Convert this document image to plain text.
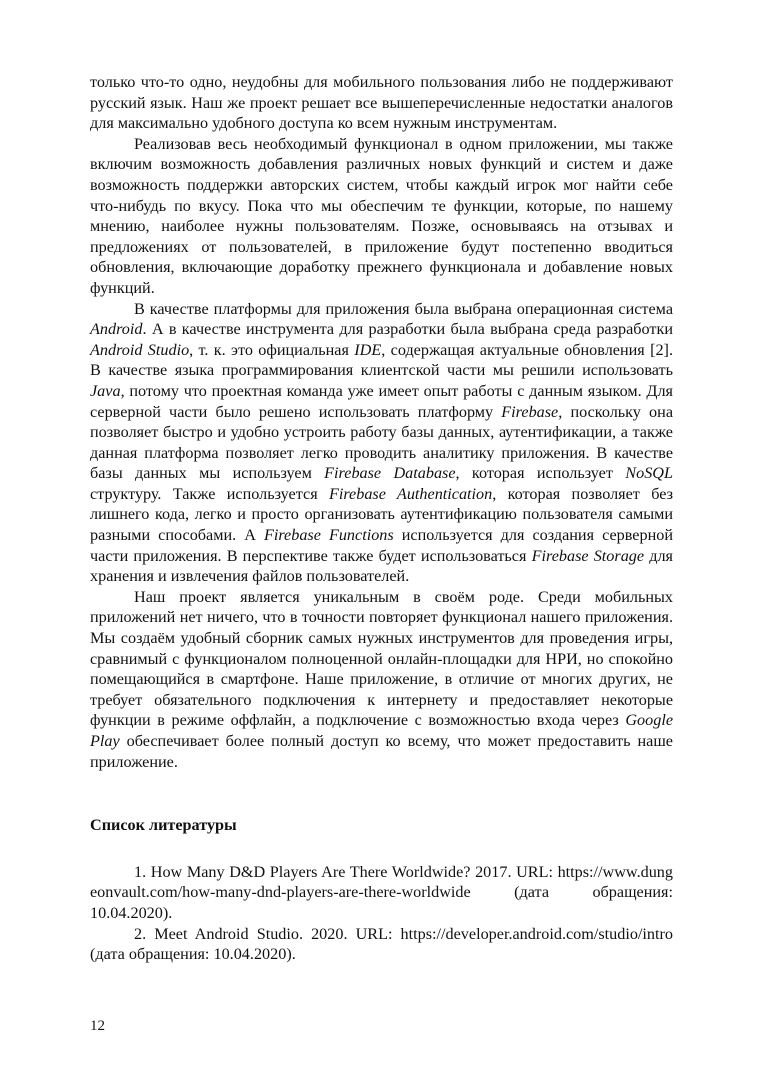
только что-то одно, неудобны для мобильного пользования либо не поддерживают русский язык. Наш же проект решает все вышеперечисленные недостатки аналогов для максимально удобного доступа ко всем нужным инструментам.

Реализовав весь необходимый функционал в одном приложении, мы также включим возможность добавления различных новых функций и систем и даже возможность поддержки авторских систем, чтобы каждый игрок мог найти себе что-нибудь по вкусу. Пока что мы обеспечим те функции, которые, по нашему мнению, наиболее нужны пользователям. Позже, основываясь на отзывах и предложениях от пользователей, в приложение будут постепенно вводиться обновления, включающие доработку прежнего функционала и добавление новых функций.

В качестве платформы для приложения была выбрана операционная система Android. А в качестве инструмента для разработки была выбрана среда разработки Android Studio, т. к. это официальная IDE, содержащая актуальные обновления [2]. В качестве языка программирования клиентской части мы решили использовать Java, потому что проектная команда уже имеет опыт работы с данным языком. Для серверной части было решено использовать платформу Firebase, поскольку она позволяет быстро и удобно устроить работу базы данных, аутентификации, а также данная платформа позволяет легко проводить аналитику приложения. В качестве базы данных мы используем Firebase Database, которая использует NoSQL структуру. Также используется Firebase Authentication, которая позволяет без лишнего кода, легко и просто организовать аутентификацию пользователя самыми разными способами. А Firebase Functions используется для создания серверной части приложения. В перспективе также будет использоваться Firebase Storage для хранения и извлечения файлов пользователей.

Наш проект является уникальным в своём роде. Среди мобильных приложений нет ничего, что в точности повторяет функционал нашего приложения. Мы создаём удобный сборник самых нужных инструментов для проведения игры, сравнимый с функционалом полноценной онлайн-площадки для НРИ, но спокойно помещающийся в смартфоне. Наше приложение, в отличие от многих других, не требует обязательного подключения к интернету и предоставляет некоторые функции в режиме оффлайн, а подключение с возможностью входа через Google Play обеспечивает более полный доступ ко всему, что может предоставить наше приложение.

Список литературы

1. How Many D&D Players Are There Worldwide? 2017. URL: https://www.dungeonvault.com/how-many-dnd-players-are-there-worldwide (дата обращения: 10.04.2020).

2. Meet Android Studio. 2020. URL: https://developer.android.com/studio/intro (дата обращения: 10.04.2020).

12
